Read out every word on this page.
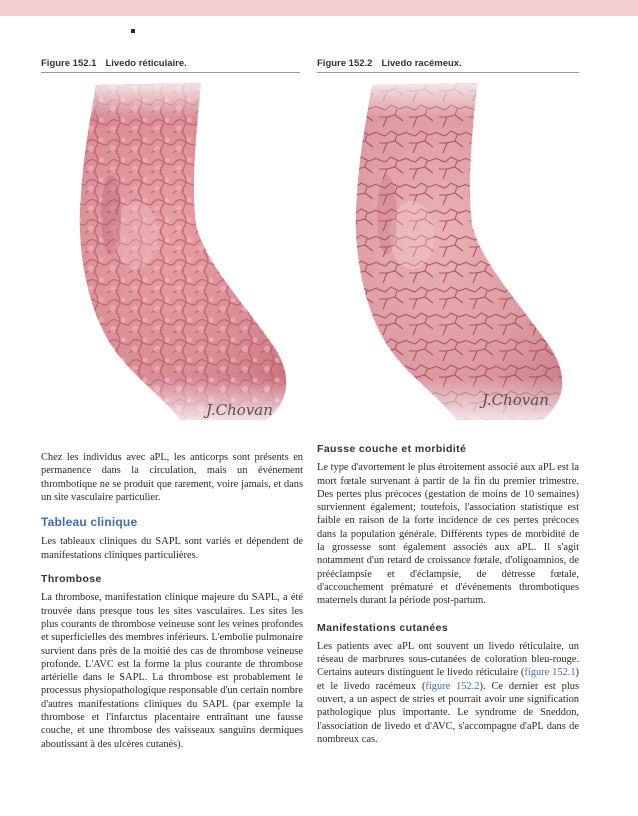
Figure 152.1 Livedo réticulaire.	Figure 152.2 Livedo racémeux.
J.Chovan
J.Chovan

Chez les individus avec aPL, les anticorps sont présents en permanence dans la circulation, mais un événement thrombotique ne se produit que rarement, voire jamais, et dans un site vasculaire particulier.

Tableau clinique

Les tableaux cliniques du SAPL sont variés et dépendent de manifestations cliniques particulières.

Thrombose

La thrombose, manifestation clinique majeure du SAPL, a été trouvée dans presque tous les sites vasculaires. Les sites les plus courants de thrombose veineuse sont les veines profondes et superficielles des membres inférieurs. L'embolie pulmonaire survient dans près de la moitié des cas de thrombose veineuse profonde. L'AVC est la forme la plus courante de thrombose artérielle dans le SAPL. La thrombose est probablement le processus physiopathologique responsable d'un certain nombre d'autres manifestations cliniques du SAPL (par exemple la thrombose et l'infarctus placentaire entraînant une fausse couche, et une thrombose des vaisseaux sanguins dermiques aboutissant à des ulcères cutanés).

Fausse couche et morbidité

Le type d'avortement le plus étroitement associé aux aPL est la mort fœtale survenant à partir de la fin du premier trimestre. Des pertes plus précoces (gestation de moins de 10 semaines) surviennent également; toutefois, l'association statistique est faible en raison de la forte incidence de ces pertes précoces dans la population générale. Différents types de morbidité de la grossesse sont également associés aux aPL. Il s'agit notamment d'un retard de croissance fœtale, d'oligoamnios, de prééclampsie et d'éclampsie, de détresse fœtale, d'accouchement prématuré et d'événements thrombotiques maternels durant la période post-partum.

Manifestations cutanées

Les patients avec aPL ont souvent un livedo réticulaire, un réseau de marbrures sous-cutanées de coloration bleu-rouge. Certains auteurs distinguent le livedo réticulaire (figure 152.1) et le livedo racémeux (figure 152.2). Ce dernier est plus ouvert, a un aspect de stries et pourrait avoir une signification pathologique plus importante. Le syndrome de Sneddon, l'association de livedo et d'AVC, s'accompagne d'aPL dans de nombreux cas.
